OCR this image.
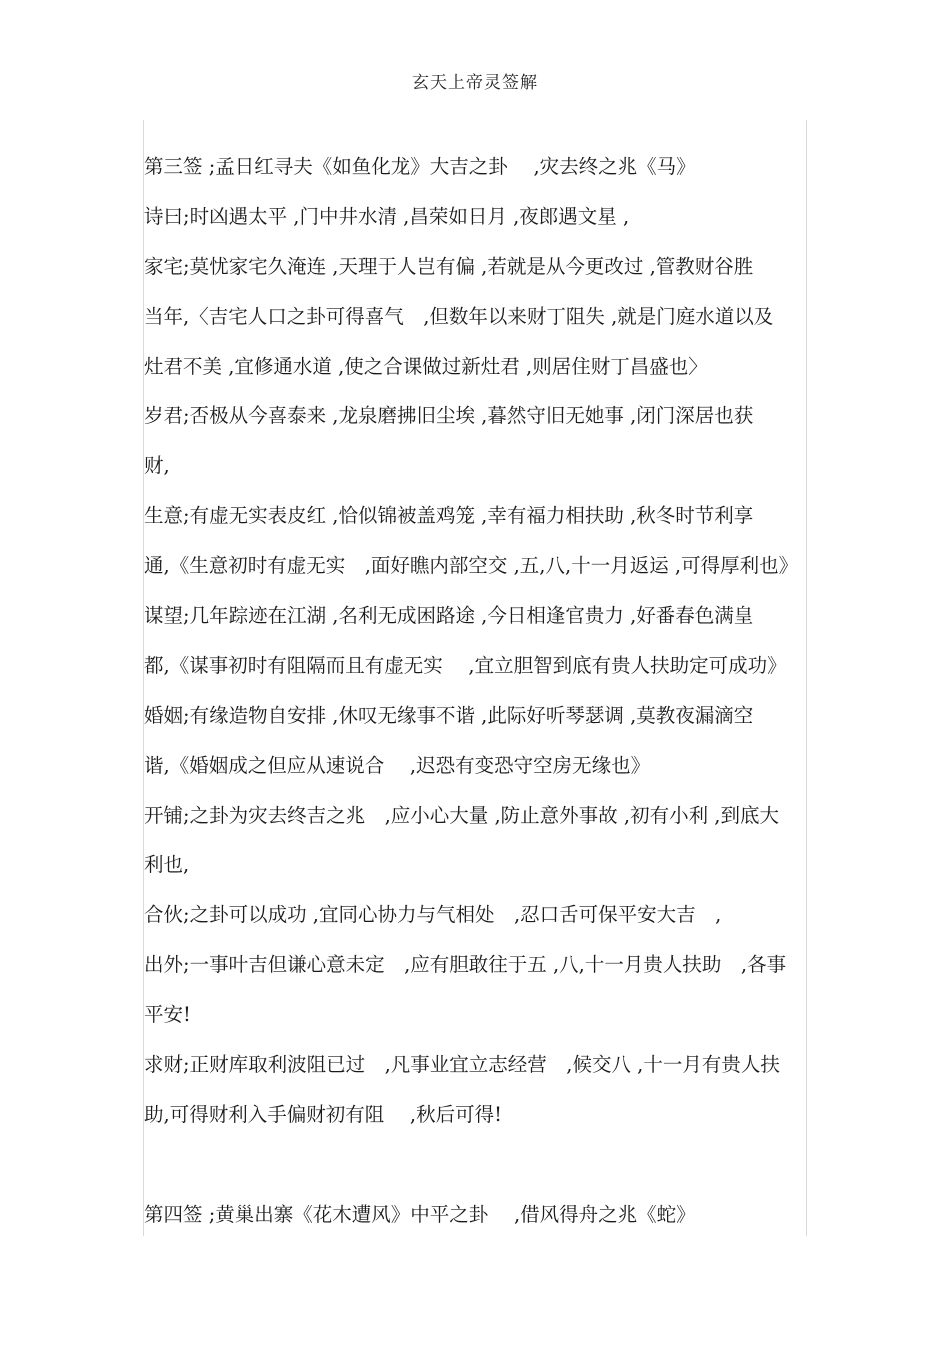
玄天上帝灵签解
第三签 ;孟日红寻夫《如鱼化龙》大吉之卦　 ,灾去终之兆《马》
诗曰;时凶遇太平 ,门中井水清 ,昌荣如日月 ,夜郎遇文星 ,
家宅;莫忧家宅久淹连 ,天理于人岂有偏 ,若就是从今更改过 ,管教财谷胜
当年,〈吉宅人口之卦可得喜气　,但数年以来财丁阻失 ,就是门庭水道以及
灶君不美 ,宜修通水道 ,使之合课做过新灶君 ,则居住财丁昌盛也〉
岁君;否极从今喜泰来 ,龙泉磨拂旧尘埃 ,暮然守旧无她事 ,闭门深居也获
财,
生意;有虚无实表皮红 ,恰似锦被盖鸡笼 ,幸有福力相扶助 ,秋冬时节利享
通,《生意初时有虚无实　,面好瞧内部空交 ,五,八,十一月返运 ,可得厚利也》
谋望;几年踪迹在江湖 ,名利无成困路途 ,今日相逢官贵力 ,好番春色满皇
都,《谋事初时有阻隔而且有虚无实　 ,宜立胆智到底有贵人扶助定可成功》
婚姻;有缘造物自安排 ,休叹无缘事不谐 ,此际好听琴瑟调 ,莫教夜漏滴空
谐,《婚姻成之但应从速说合　 ,迟恐有变恐守空房无缘也》
开铺;之卦为灾去终吉之兆　,应小心大量 ,防止意外事故 ,初有小利 ,到底大
利也,
合伙;之卦可以成功 ,宜同心协力与气相处　,忍口舌可保平安大吉　,
出外;一事叶吉但谦心意未定　,应有胆敢往于五 ,八,十一月贵人扶助　,各事
平安!
求财;正财库取利波阻已过　,凡事业宜立志经营　,候交八 ,十一月有贵人扶
助,可得财利入手偏财初有阻　 ,秋后可得!
第四签 ;黄巢出寨《花木遭风》中平之卦　 ,借风得舟之兆《蛇》
